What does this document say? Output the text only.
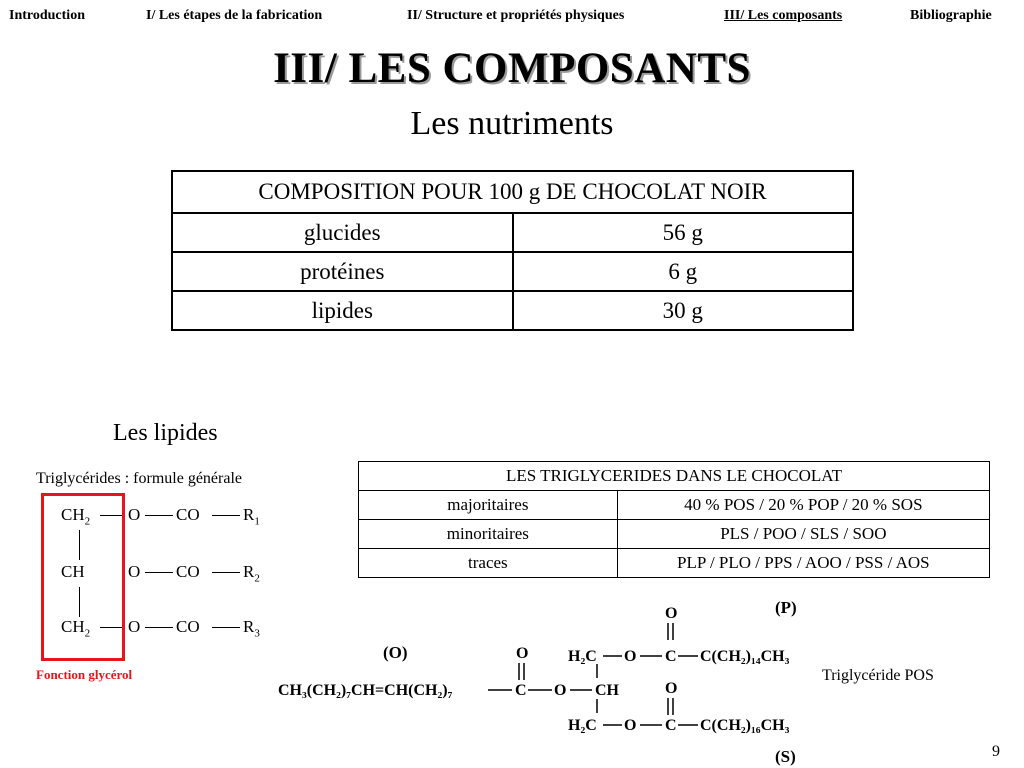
Introduction	I/ Les étapes de la fabrication	II/ Structure et propriétés physiques	III/ Les composants	Bibliographie
III/ LES COMPOSANTS
Les nutriments
COMPOSITION POUR 100 g DE CHOCOLAT NOIR	
glucides	56 g
protéines	6 g
lipides	30 g
Les lipides
Triglycérides : formule générale
$CH_2$ O CO	$R_1$
CH	O CO	$R_2$
$CH_2$ O CO	$R_3$
Fonction glycérol
LES TRIGLYCERIDES DANS LE CHOCOLAT	
majoritaires	40 % POS / 20 % POP / 20 % SOS
minoritaires	PLS / POO / SLS / SOO
traces	PLP / PLO / PPS / AOO / PSS / AOS
(P)
(O)
(S)
O
H₂C O C C(CH₂)₁₄CH₃
O
CH₃(CH₂)₇CH=CH(CH₂)₇	C O CH	O
H₂C O C C(CH₂)₁₆CH₃
Triglycéride POS
9
